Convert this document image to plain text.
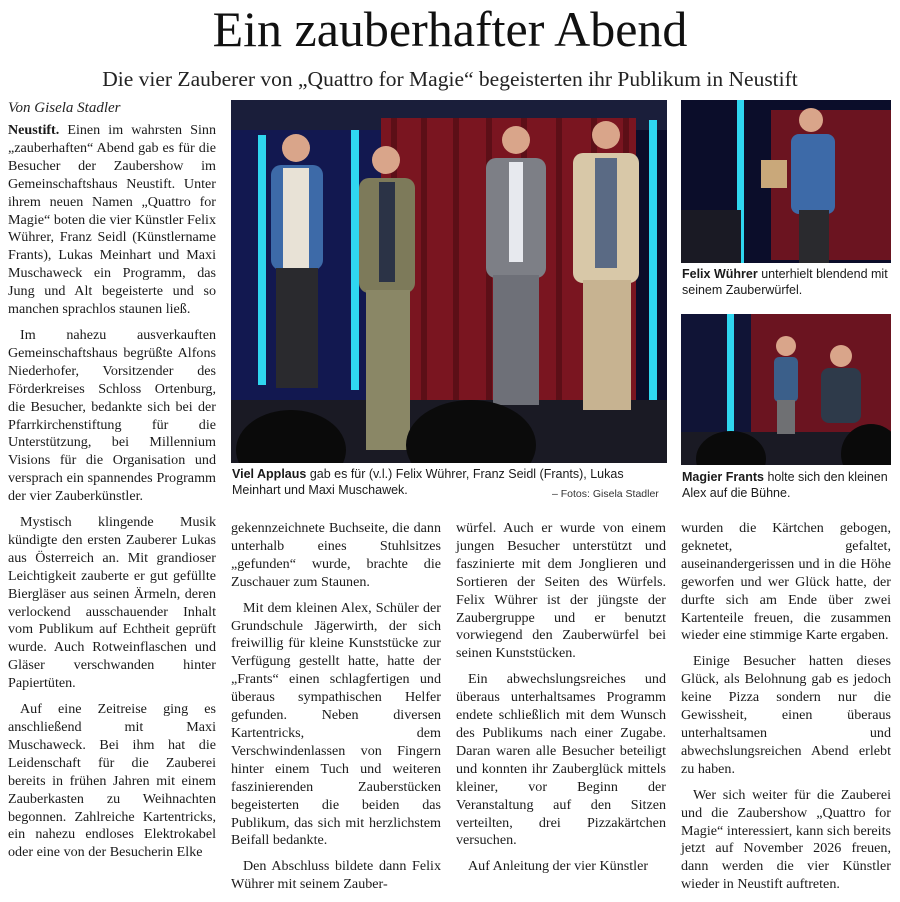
Ein zauberhafter Abend
Die vier Zauberer von „Quattro for Magie“ begeisterten ihr Publikum in Neustift
Von Gisela Stadler

Neustift. Einen im wahrsten Sinn „zauberhaften“ Abend gab es für die Besucher der Zaubershow im Gemeinschaftshaus Neustift. Unter ihrem neuen Namen „Quattro for Magie“ boten die vier Künstler Felix Wührer, Franz Seidl (Künstlername Frants), Lukas Meinhart und Maxi Muschaweck ein Programm, das Jung und Alt begeisterte und so manchen sprachlos staunen ließ.

Im nahezu ausverkauften Gemeinschaftshaus begrüßte Alfons Niederhofer, Vorsitzender des Förderkreises Schloss Ortenburg, die Besucher, bedankte sich bei der Pfarrkirchenstiftung für die Unterstützung, bei Millennium Visions für die Organisation und versprach ein spannendes Programm der vier Zauberkünstler.

Mystisch klingende Musik kündigte den ersten Zauberer Lukas aus Österreich an. Mit grandioser Leichtigkeit zauberte er gut gefüllte Biergläser aus seinen Ärmeln, deren verlockend ausschauender Inhalt vom Publikum auf Echtheit geprüft wurde. Auch Rotweinflaschen und Gläser verschwanden hinter Papiertüten.

Auf eine Zeitreise ging es anschließend mit Maxi Muschaweck. Bei ihm hat die Leidenschaft für die Zauberei bereits in frühen Jahren mit einem Zauberkasten zu Weihnachten begonnen. Zahlreiche Kartentricks, ein nahezu endloses Elektrokabel oder eine von der Besucherin Elke

Viel Applaus gab es für (v.l.) Felix Wührer, Franz Seidl (Frants), Lukas Meinhart und Maxi Muschawek.	– Fotos: Gisela Stadler
Felix Wührer unterhielt blendend mit seinem Zauberwürfel.
Magier Frants holte sich den kleinen Alex auf die Bühne.

gekennzeichnete Buchseite, die dann unterhalb eines Stuhlsitzes „gefunden“ wurde, brachte die Zuschauer zum Staunen.

Mit dem kleinen Alex, Schüler der Grundschule Jägerwirth, der sich freiwillig für kleine Kunststücke zur Verfügung gestellt hatte, hatte der „Frants“ einen schlagfertigen und überaus sympathischen Helfer gefunden. Neben diversen Kartentricks, dem Verschwindenlassen von Fingern hinter einem Tuch und weiteren faszinierenden Zauberstücken begeisterten die beiden das Publikum, das sich mit herzlichstem Beifall bedankte.

Den Abschluss bildete dann Felix Wührer mit seinem Zauber-

würfel. Auch er wurde von einem jungen Besucher unterstützt und faszinierte mit dem Jonglieren und Sortieren der Seiten des Würfels. Felix Wührer ist der jüngste der Zaubergruppe und er benutzt vorwiegend den Zauberwürfel bei seinen Kunststücken.

Ein abwechslungsreiches und überaus unterhaltsames Programm endete schließlich mit dem Wunsch des Publikums nach einer Zugabe. Daran waren alle Besucher beteiligt und konnten ihr Zauberglück mittels kleiner, vor Beginn der Veranstaltung auf den Sitzen verteilten, drei Pizzakärtchen versuchen.

Auf Anleitung der vier Künstler

wurden die Kärtchen gebogen, geknetet, gefaltet, auseinandergerissen und in die Höhe geworfen und wer Glück hatte, der durfte sich am Ende über zwei Kartenteile freuen, die zusammen wieder eine stimmige Karte ergaben.

Einige Besucher hatten dieses Glück, als Belohnung gab es jedoch keine Pizza sondern nur die Gewissheit, einen überaus unterhaltsamen und abwechslungsreichen Abend erlebt zu haben.

Wer sich weiter für die Zauberei und die Zaubershow „Quattro for Magie“ interessiert, kann sich bereits jetzt auf November 2026 freuen, dann werden die vier Künstler wieder in Neustift auftreten.
